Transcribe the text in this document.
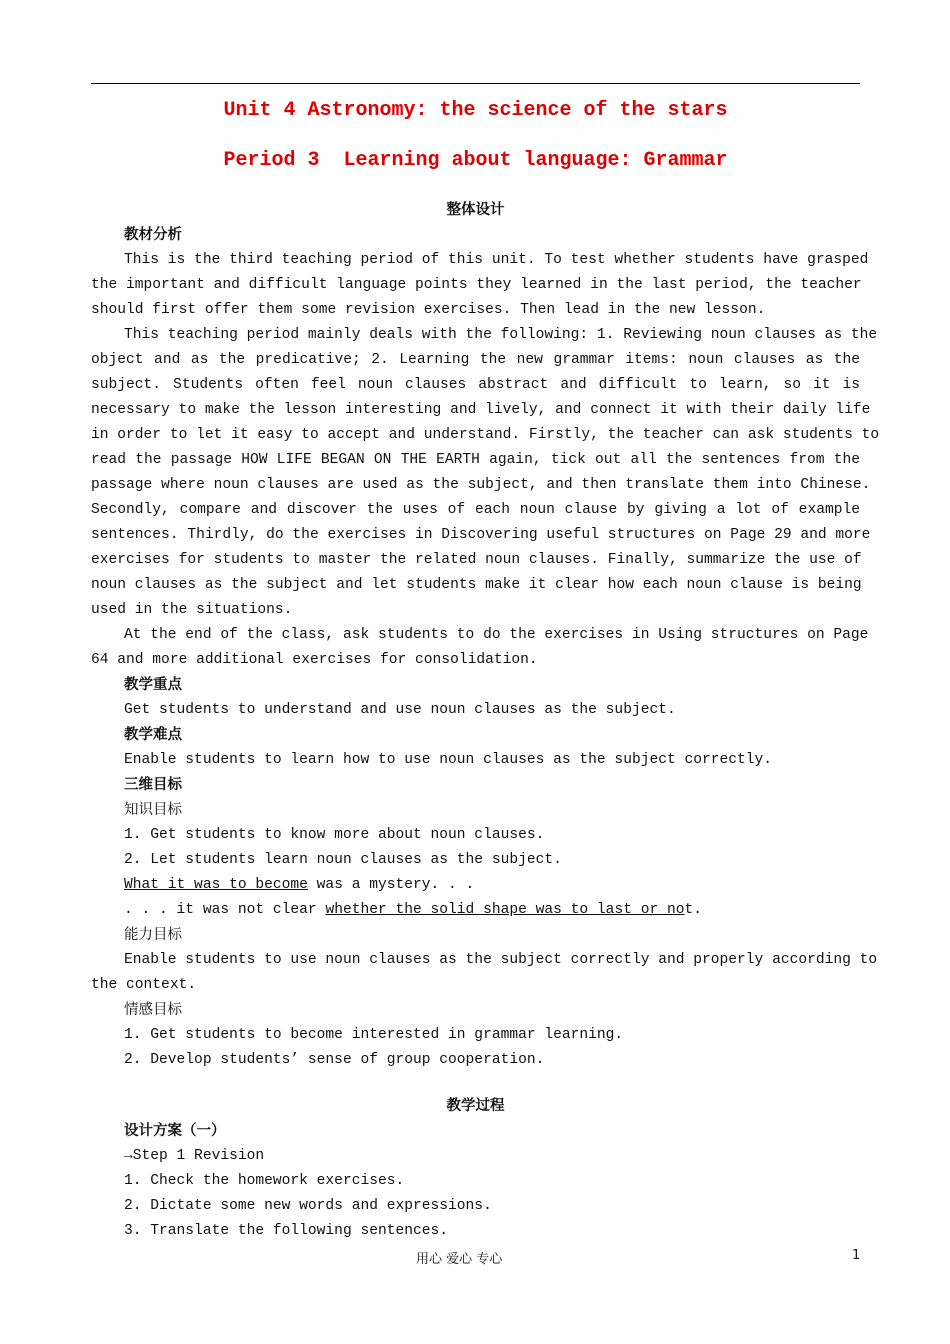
Unit 4 Astronomy: the science of the stars
Period 3  Learning about language: Grammar
整体设计
教材分析
This is the third teaching period of this unit. To test whether students have grasped
the important and difficult language points they learned in the last period, the teacher
should first offer them some revision exercises. Then lead in the new lesson.
This teaching period mainly deals with the following: 1. Reviewing noun clauses as the
object and as the predicative; 2. Learning the new grammar items: noun clauses as the
subject. Students often feel noun clauses abstract and difficult to learn, so it is
necessary to make the lesson interesting and lively, and connect it with their daily life
in order to let it easy to accept and understand. Firstly, the teacher can ask students to
read the passage HOW LIFE BEGAN ON THE EARTH again, tick out all the sentences from the
passage where noun clauses are used as the subject, and then translate them into Chinese.
Secondly, compare and discover the uses of each noun clause by giving a lot of example
sentences. Thirdly, do the exercises in Discovering useful structures on Page 29 and more
exercises for students to master the related noun clauses. Finally, summarize the use of
noun clauses as the subject and let students make it clear how each noun clause is being
used in the situations.
At the end of the class, ask students to do the exercises in Using structures on Page
64 and more additional exercises for consolidation.
教学重点
Get students to understand and use noun clauses as the subject.
教学难点
Enable students to learn how to use noun clauses as the subject correctly.
三维目标
知识目标
1. Get students to know more about noun clauses.
2. Let students learn noun clauses as the subject.
What it was to become was a mystery. . .
. . . it was not clear whether the solid shape was to last or not.
能力目标
Enable students to use noun clauses as the subject correctly and properly according to
the context.
情感目标
1. Get students to become interested in grammar learning.
2. Develop students’ sense of group cooperation.
教学过程
设计方案（一）
→Step 1 Revision
1. Check the homework exercises.
2. Dictate some new words and expressions.
3. Translate the following sentences.
用心 爱心 专心	1
